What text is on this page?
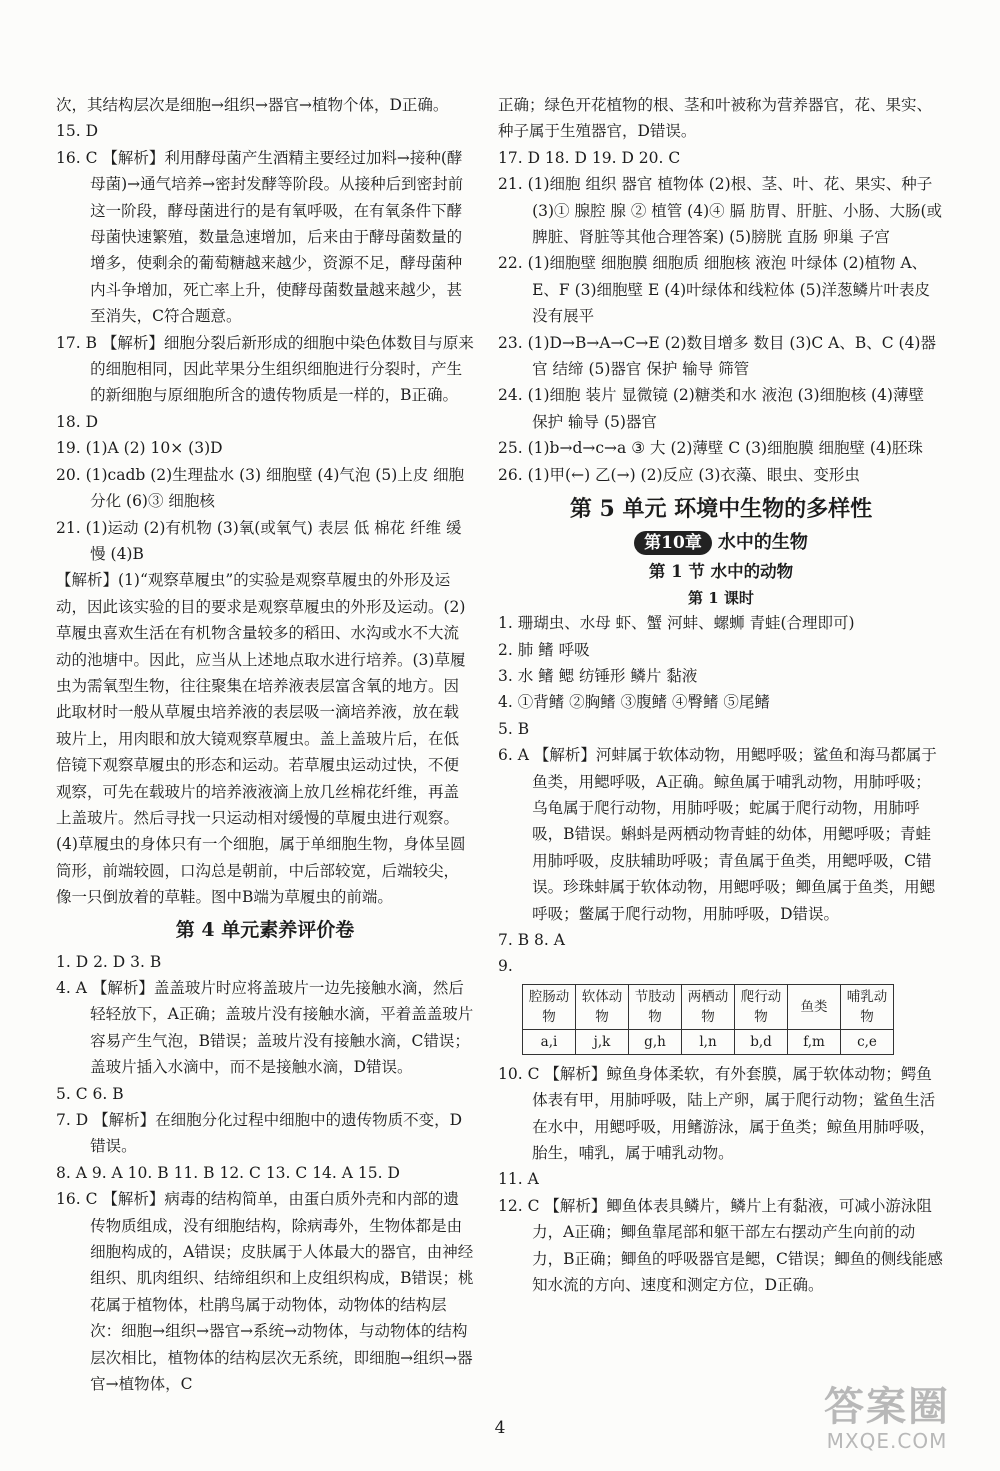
次，其结构层次是细胞→组织→器官→植物个体，D正确。

15. D

16. C 【解析】利用酵母菌产生酒精主要经过加料→接种(酵母菌)→通气培养→密封发酵等阶段。从接种后到密封前这一阶段，酵母菌进行的是有氧呼吸，在有氧条件下酵母菌快速繁殖，数量急速增加，后来由于酵母菌数量的增多，使剩余的葡萄糖越来越少，资源不足，酵母菌种内斗争增加，死亡率上升，使酵母菌数量越来越少，甚至消失，C符合题意。

17. B 【解析】细胞分裂后新形成的细胞中染色体数目与原来的细胞相同，因此苹果分生组织细胞进行分裂时，产生的新细胞与原细胞所含的遗传物质是一样的，B正确。

18. D

19. (1)A (2) 10× (3)D

20. (1)cadb (2)生理盐水 (3) 细胞壁 (4)气泡 (5)上皮 细胞分化 (6)③ 细胞核

21. (1)运动 (2)有机物 (3)氧(或氧气) 表层 低 棉花 纤维 缓慢 (4)B

【解析】(1)“观察草履虫”的实验是观察草履虫的外形及运动，因此该实验的目的要求是观察草履虫的外形及运动。(2)草履虫喜欢生活在有机物含量较多的稻田、水沟或水不大流动的池塘中。因此，应当从上述地点取水进行培养。(3)草履虫为需氧型生物，往往聚集在培养液表层富含氧的地方。因此取材时一般从草履虫培养液的表层吸一滴培养液，放在载玻片上，用肉眼和放大镜观察草履虫。盖上盖玻片后，在低倍镜下观察草履虫的形态和运动。若草履虫运动过快，不便观察，可先在载玻片的培养液液滴上放几丝棉花纤维，再盖上盖玻片。然后寻找一只运动相对缓慢的草履虫进行观察。(4)草履虫的身体只有一个细胞，属于单细胞生物，身体呈圆筒形，前端较圆，口沟总是朝前，中后部较宽，后端较尖，像一只倒放着的草鞋。图中B端为草履虫的前端。

第 4 单元素养评价卷

1. D 2. D 3. B

4. A 【解析】盖盖玻片时应将盖玻片一边先接触水滴，然后轻轻放下，A正确；盖玻片没有接触水滴，平着盖盖玻片容易产生气泡，B错误；盖玻片没有接触水滴，C错误；盖玻片插入水滴中，而不是接触水滴，D错误。

5. C 6. B

7. D 【解析】在细胞分化过程中细胞中的遗传物质不变，D错误。

8. A 9. A 10. B 11. B 12. C 13. C 14. A 15. D

16. C 【解析】病毒的结构简单，由蛋白质外壳和内部的遗传物质组成，没有细胞结构，除病毒外，生物体都是由细胞构成的，A错误；皮肤属于人体最大的器官，由神经组织、肌肉组织、结缔组织和上皮组织构成，B错误；桃花属于植物体，杜鹃鸟属于动物体，动物体的结构层次：细胞→组织→器官→系统→动物体，与动物体的结构层次相比，植物体的结构层次无系统，即细胞→组织→器官→植物体，C

正确；绿色开花植物的根、茎和叶被称为营养器官，花、果实、种子属于生殖器官，D错误。

17. D 18. D 19. D 20. C

21. (1)细胞 组织 器官 植物体 (2)根、茎、叶、花、果实、种子 (3)① 腺腔 腺 ② 植管 (4)④ 膈 肪胃、肝脏、小肠、大肠(或脾脏、肾脏等其他合理答案) (5)膀胱 直肠 卵巢 子宫

22. (1)细胞壁 细胞膜 细胞质 细胞核 液泡 叶绿体 (2)植物 A、E、F (3)细胞壁 E (4)叶绿体和线粒体 (5)洋葱鳞片叶表皮没有展平

23. (1)D→B→A→C→E (2)数目增多 数目 (3)C A、B、C (4)器官 结缔 (5)器官 保护 输导 筛管

24. (1)细胞 装片 显微镜 (2)糖类和水 液泡 (3)细胞核 (4)薄壁 保护 输导 (5)器官

25. (1)b→d→c→a ③ 大 (2)薄壁 C (3)细胞膜 细胞壁 (4)胚珠

26. (1)甲(←) 乙(→) (2)反应 (3)衣藻、眼虫、变形虫

第 5 单元 环境中生物的多样性
第10章 水中的生物
第 1 节 水中的动物
第 1 课时

1. 珊瑚虫、水母 虾、蟹 河蚌、螺蛳 青蛙(合理即可)

2. 肺 鳍 呼吸

3. 水 鳍 鳃 纺锤形 鳞片 黏液

4. ①背鳍 ②胸鳍 ③腹鳍 ④臀鳍 ⑤尾鳍

5. B

6. A 【解析】河蚌属于软体动物，用鳃呼吸；鲨鱼和海马都属于鱼类，用鳃呼吸，A正确。鲸鱼属于哺乳动物，用肺呼吸；乌龟属于爬行动物，用肺呼吸；蛇属于爬行动物，用肺呼吸，B错误。蝌蚪是两栖动物青蛙的幼体，用鳃呼吸；青蛙用肺呼吸，皮肤辅助呼吸；青鱼属于鱼类，用鳃呼吸，C错误。珍珠蚌属于软体动物，用鳃呼吸；鲫鱼属于鱼类，用鳃呼吸；鳖属于爬行动物，用肺呼吸，D错误。

7. B 8. A

9.

腔肠动物	软体动物	节肢动物	两栖动物	爬行动物	鱼类	哺乳动物
a,i	j,k	g,h	l,n	b,d	f,m	c,e

10. C 【解析】鲸鱼身体柔软，有外套膜，属于软体动物；鳄鱼体表有甲，用肺呼吸，陆上产卵，属于爬行动物；鲨鱼生活在水中，用鳃呼吸，用鳍游泳，属于鱼类；鲸鱼用肺呼吸，胎生，哺乳，属于哺乳动物。

11. A

12. C 【解析】鲫鱼体表具鳞片，鳞片上有黏液，可减小游泳阻力，A正确；鲫鱼靠尾部和躯干部左右摆动产生向前的动力，B正确；鲫鱼的呼吸器官是鳃，C错误；鲫鱼的侧线能感知水流的方向、速度和测定方位，D正确。

4	答案圈
MXQE.COM
